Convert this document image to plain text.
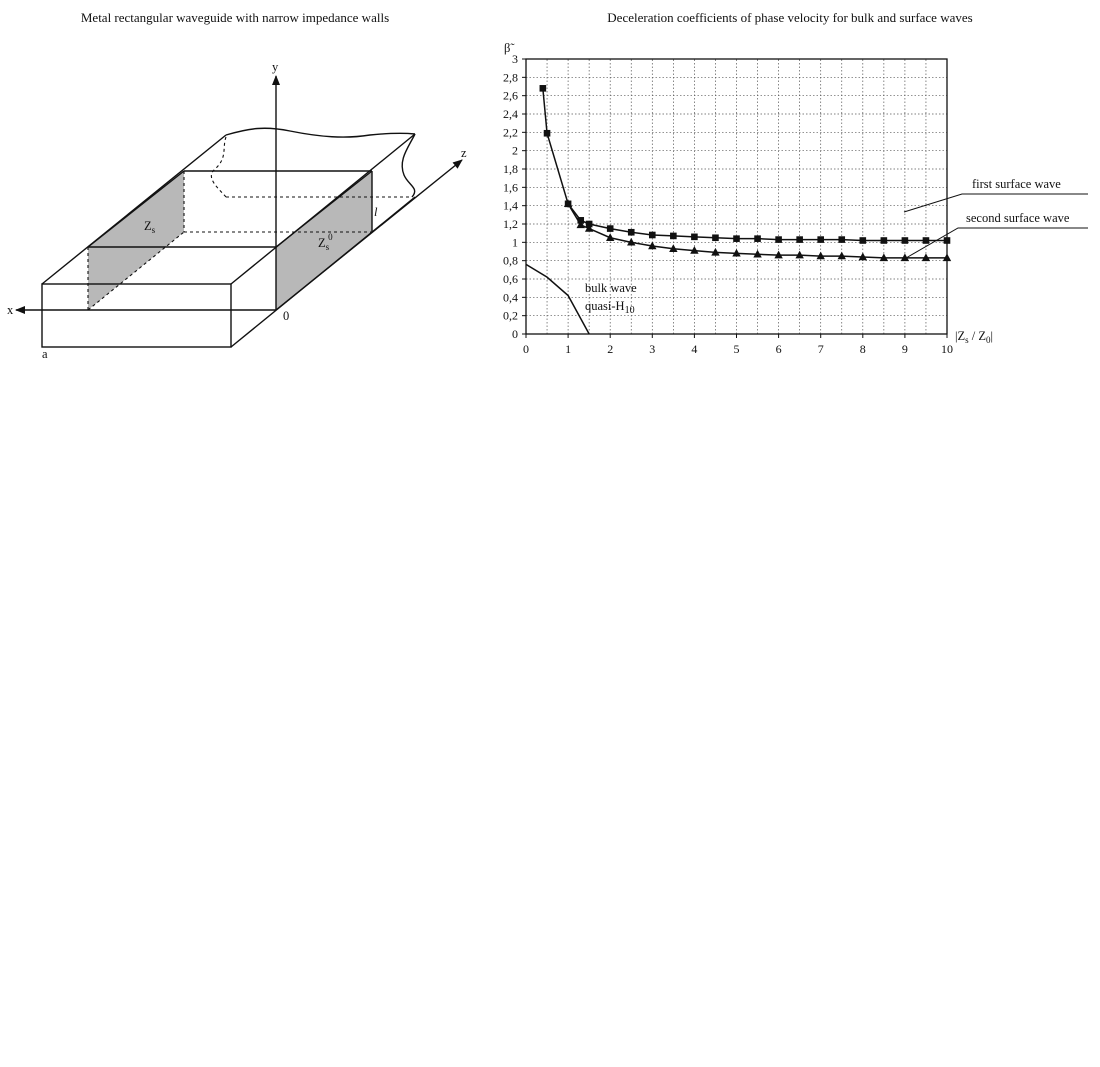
Metal rectangular waveguide with narrow impedance walls	Deceleration coefficients of phase velocity for bulk and surface waves
y
z
x	0
a
l
$Z_s$
$Z_s0$
0	1	2	3	4	5	6	7	8	9	10
0
0,2
0,4
0,6
0,8
1
1,2
1,4
1,6
1,8
2
2,2
2,4
2,6
2,8
3
β̃
$|Z_s / Z_0|$
first surface wave
second surface wave
bulk wave
quasi-$H_{10}$
